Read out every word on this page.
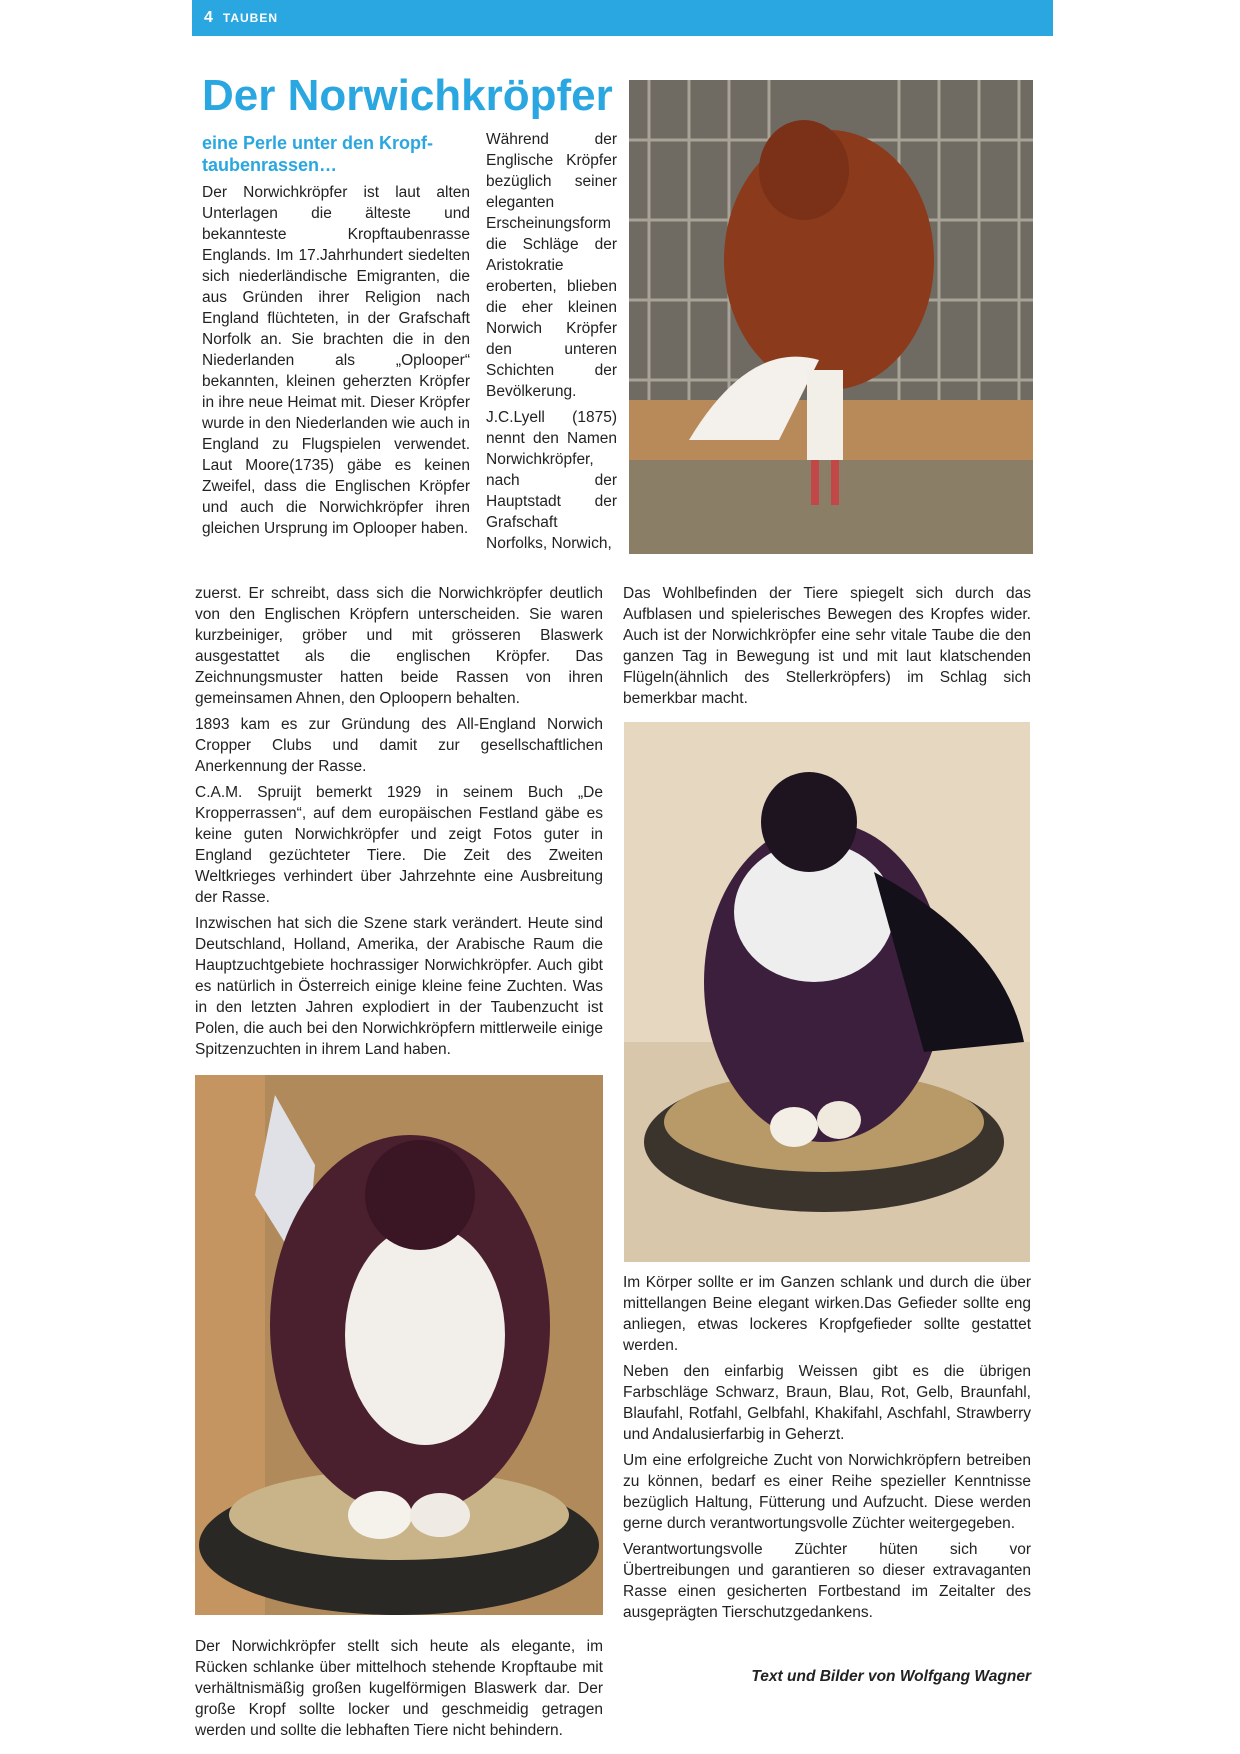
4 TAUBEN
Der Norwichkröpfer
eine Perle unter den Kropf-taubenrassen…

Der Norwichkröpfer ist laut alten Unterlagen die älteste und bekannteste Kropftaubenrasse Englands. Im 17.Jahrhundert siedelten sich niederländische Emigranten, die aus Gründen ihrer Religion nach England flüchteten, in der Grafschaft Norfolk an. Sie brachten die in den Niederlanden als „Oplooper“ bekannten, kleinen geherzten Kröpfer in ihre neue Heimat mit. Dieser Kröpfer wurde in den Niederlanden wie auch in England zu Flugspielen verwendet. Laut Moore(1735) gäbe es keinen Zweifel, dass die Englischen Kröpfer und auch die Norwichkröpfer ihren gleichen Ursprung im Oplooper haben.

Während der Englische Kröpfer bezüglich seiner eleganten Erscheinungsform die Schläge der Aristokratie eroberten, blieben die eher kleinen Norwich Kröpfer den unteren Schichten der Bevölkerung.

J.C.Lyell (1875) nennt den Namen Norwichkröpfer, nach der Hauptstadt der Grafschaft Norfolks, Norwich,

zuerst. Er schreibt, dass sich die Norwichkröpfer deutlich von den Englischen Kröpfern unterscheiden. Sie waren kurzbeiniger, gröber und mit grösseren Blaswerk ausgestattet als die englischen Kröpfer. Das Zeichnungsmuster hatten beide Rassen von ihren gemeinsamen Ahnen, den Oploopern behalten.

1893 kam es zur Gründung des All-England Norwich Cropper Clubs und damit zur gesellschaftlichen Anerkennung der Rasse.

C.A.M. Spruijt bemerkt 1929 in seinem Buch „De Kropperrassen“, auf dem europäischen Festland gäbe es keine guten Norwichkröpfer und zeigt Fotos guter in England gezüchteter Tiere. Die Zeit des Zweiten Weltkrieges verhindert über Jahrzehnte eine Ausbreitung der Rasse.

Inzwischen hat sich die Szene stark verändert. Heute sind Deutschland, Holland, Amerika, der Arabische Raum die Hauptzuchtgebiete hochrassiger Norwichkröpfer. Auch gibt es natürlich in Österreich einige kleine feine Zuchten. Was in den letzten Jahren explodiert in der Taubenzucht ist Polen, die auch bei den Norwichkröpfern mittlerweile einige Spitzenzuchten in ihrem Land haben.

Das Wohlbefinden der Tiere spiegelt sich durch das Aufblasen und spielerisches Bewegen des Kropfes wider. Auch ist der Norwichkröpfer eine sehr vitale Taube die den ganzen Tag in Bewegung ist und mit laut klatschenden Flügeln(ähnlich des Stellerkröpfers) im Schlag sich bemerkbar macht.

Der Norwichkröpfer stellt sich heute als elegante, im Rücken schlanke über mittelhoch stehende Kropftaube mit verhältnismäßig großen kugelförmigen Blaswerk dar. Der große Kropf sollte locker und geschmeidig getragen werden und sollte die lebhaften Tiere nicht behindern.

Im Körper sollte er im Ganzen schlank und durch die über mittellangen Beine elegant wirken.Das Gefieder sollte eng anliegen, etwas lockeres Kropfgefieder sollte gestattet werden.

Neben den einfarbig Weissen gibt es die übrigen Farbschläge Schwarz, Braun, Blau, Rot, Gelb, Braunfahl, Blaufahl, Rotfahl, Gelbfahl, Khakifahl, Aschfahl, Strawberry und Andalusierfarbig in Geherzt.

Um eine erfolgreiche Zucht von Norwichkröpfern betreiben zu können, bedarf es einer Reihe spezieller Kenntnisse bezüglich Haltung, Fütterung und Aufzucht. Diese werden gerne durch verantwortungsvolle Züchter weitergegeben.

Verantwortungsvolle Züchter hüten sich vor Übertreibungen und garantieren so dieser extravaganten Rasse einen gesicherten Fortbestand im Zeitalter des ausgeprägten Tierschutzgedankens.

Text und Bilder von Wolfgang Wagner
